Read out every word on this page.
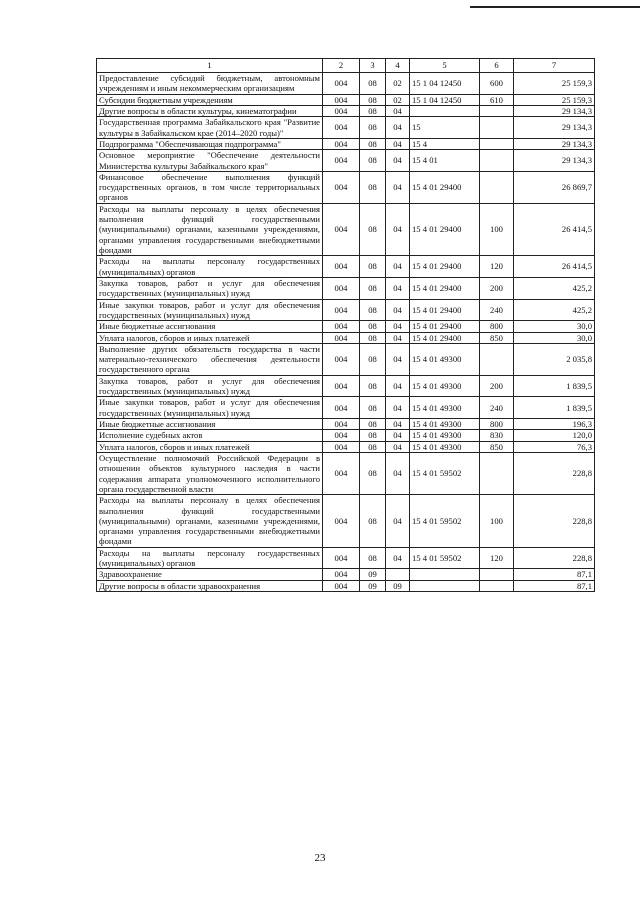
1	2	3	4	5	6	7
Предоставление субсидий бюджетным, автономным учреждениям и иным некоммерческим организациям	004	08	02	15 1 04 12450	600	25 159,3
Субсидии бюджетным учреждениям	004	08	02	15 1 04 12450	610	25 159,3
Другие вопросы в области культуры, кинематографии	004	08	04			29 134,3
Государственная программа Забайкальского края "Развитие культуры в Забайкальском крае (2014–2020 годы)"	004	08	04	15		29 134,3
Подпрограмма "Обеспечивающая подпрограмма"	004	08	04	15 4		29 134,3
Основное мероприятие "Обеспечение деятельности Министерства культуры Забайкальского края"	004	08	04	15 4 01		29 134,3
Финансовое обеспечение выполнения функций государственных органов, в том числе территориальных органов	004	08	04	15 4 01 29400		26 869,7
Расходы на выплаты персоналу в целях обеспечения выполнения функций государственными (муниципальными) органами, казенными учреждениями, органами управления государственными внебюджетными фондами	004	08	04	15 4 01 29400	100	26 414,5
Расходы на выплаты персоналу государственных (муниципальных) органов	004	08	04	15 4 01 29400	120	26 414,5
Закупка товаров, работ и услуг для обеспечения государственных (муниципальных) нужд	004	08	04	15 4 01 29400	200	425,2
Иные закупки товаров, работ и услуг для обеспечения государственных (муниципальных) нужд	004	08	04	15 4 01 29400	240	425,2
Иные бюджетные ассигнования	004	08	04	15 4 01 29400	800	30,0
Уплата налогов, сборов и иных платежей	004	08	04	15 4 01 29400	850	30,0
Выполнение других обязательств государства в части материально-технического обеспечения деятельности государственного органа	004	08	04	15 4 01 49300		2 035,8
Закупка товаров, работ и услуг для обеспечения государственных (муниципальных) нужд	004	08	04	15 4 01 49300	200	1 839,5
Иные закупки товаров, работ и услуг для обеспечения государственных (муниципальных) нужд	004	08	04	15 4 01 49300	240	1 839,5
Иные бюджетные ассигнования	004	08	04	15 4 01 49300	800	196,3
Исполнение судебных актов	004	08	04	15 4 01 49300	830	120,0
Уплата налогов, сборов и иных платежей	004	08	04	15 4 01 49300	850	76,3
Осуществление полномочий Российской Федерации в отношении объектов культурного наследия в части содержания аппарата уполномоченного исполнительного органа государственной власти	004	08	04	15 4 01 59502		228,8
Расходы на выплаты персоналу в целях обеспечения выполнения функций государственными (муниципальными) органами, казенными учреждениями, органами управления государственными внебюджетными фондами	004	08	04	15 4 01 59502	100	228,8
Расходы на выплаты персоналу государственных (муниципальных) органов	004	08	04	15 4 01 59502	120	228,8
Здравоохранение	004	09				87,1
Другие вопросы в области здравоохранения	004	09	09			87,1
23
